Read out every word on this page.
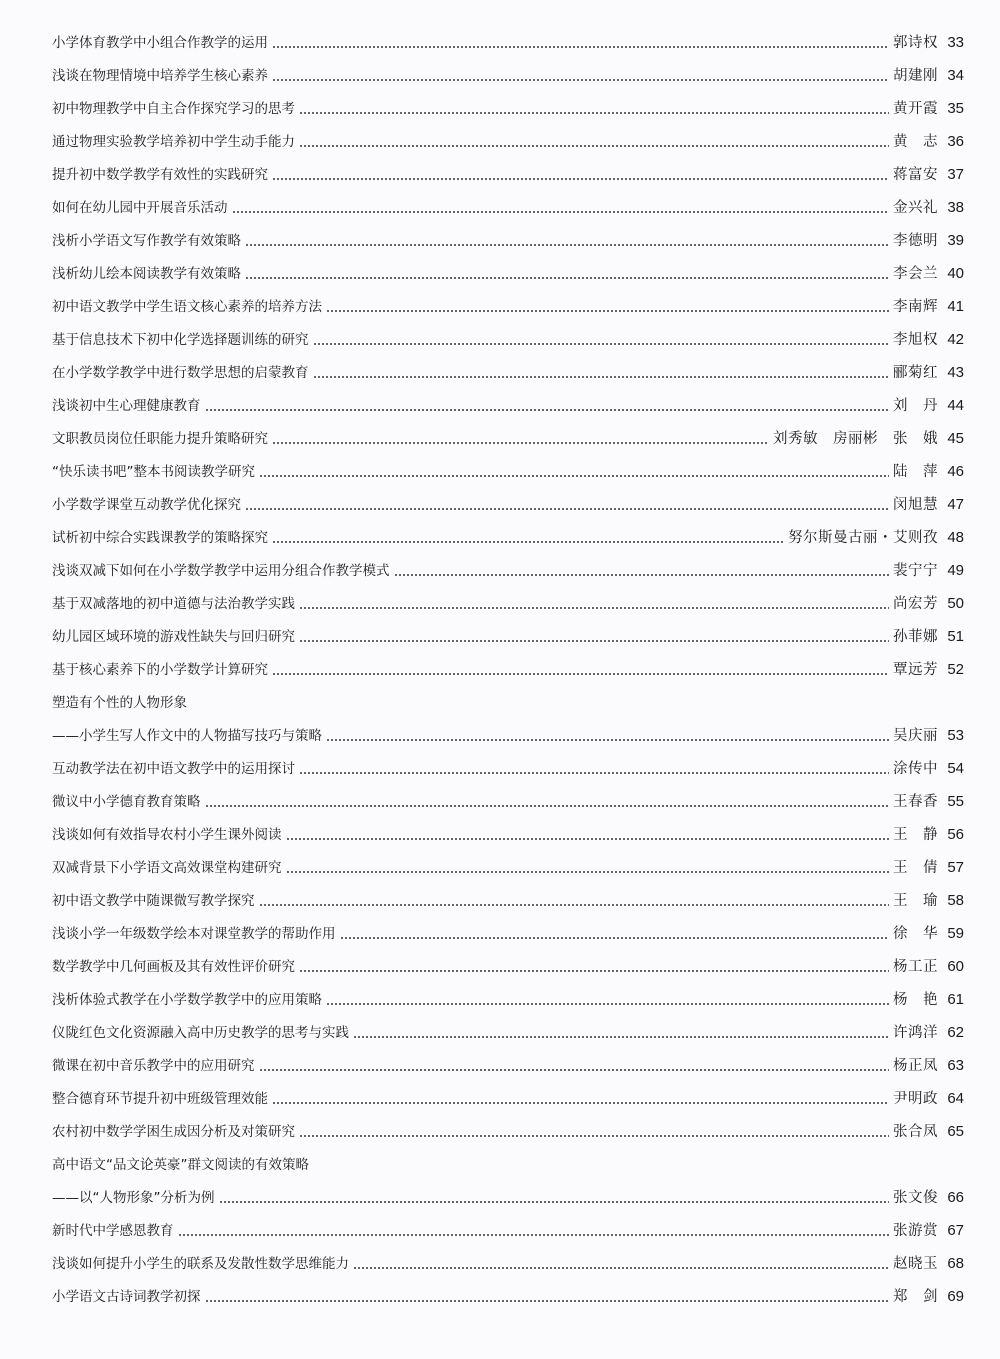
小学体育教学中小组合作教学的运用	郭诗权 33
浅谈在物理情境中培养学生核心素养	胡建刚 34
初中物理教学中自主合作探究学习的思考	黄开霞 35
通过物理实验教学培养初中学生动手能力	黄　志 36
提升初中数学教学有效性的实践研究	蒋富安 37
如何在幼儿园中开展音乐活动	金兴礼 38
浅析小学语文写作教学有效策略	李德明 39
浅析幼儿绘本阅读教学有效策略	李会兰 40
初中语文教学中学生语文核心素养的培养方法	李南辉 41
基于信息技术下初中化学选择题训练的研究	李旭权 42
在小学数学教学中进行数学思想的启蒙教育	郦菊红 43
浅谈初中生心理健康教育	刘　丹 44
文职教员岗位任职能力提升策略研究	刘秀敏　房丽彬　张　娥 45
“快乐读书吧”整本书阅读教学研究	陆　萍 46
小学数学课堂互动教学优化探究	闵旭慧 47
试析初中综合实践课教学的策略探究	努尔斯曼古丽・艾则孜 48
浅谈双减下如何在小学数学教学中运用分组合作教学模式	裴宁宁 49
基于双减落地的初中道德与法治教学实践	尚宏芳 50
幼儿园区域环境的游戏性缺失与回归研究	孙菲娜 51
基于核心素养下的小学数学计算研究	覃远芳 52
塑造有个性的人物形象
——小学生写人作文中的人物描写技巧与策略	吴庆丽 53
互动教学法在初中语文教学中的运用探讨	涂传中 54
微议中小学德育教育策略	王春香 55
浅谈如何有效指导农村小学生课外阅读	王　静 56
双减背景下小学语文高效课堂构建研究	王　倩 57
初中语文教学中随课微写教学探究	王　瑜 58
浅谈小学一年级数学绘本对课堂教学的帮助作用	徐　华 59
数学教学中几何画板及其有效性评价研究	杨工正 60
浅析体验式教学在小学数学教学中的应用策略	杨　艳 61
仪陇红色文化资源融入高中历史教学的思考与实践	许鸿洋 62
微课在初中音乐教学中的应用研究	杨正凤 63
整合德育环节提升初中班级管理效能	尹明政 64
农村初中数学学困生成因分析及对策研究	张合凤 65
高中语文“品文论英豪”群文阅读的有效策略
——以“人物形象”分析为例	张文俊 66
新时代中学感恩教育	张游赏 67
浅谈如何提升小学生的联系及发散性数学思维能力	赵晓玉 68
小学语文古诗词教学初探	郑　剑 69
